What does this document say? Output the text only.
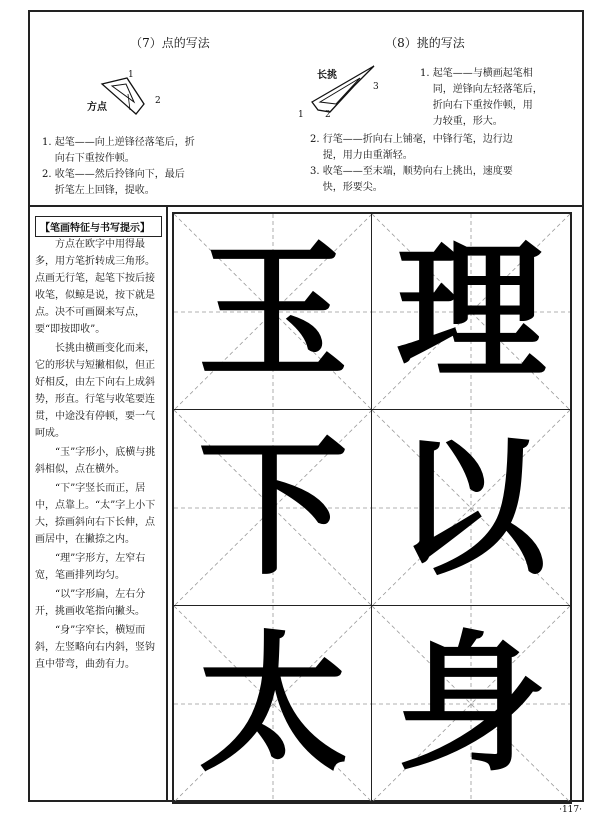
（7）点的写法
1
2
方点
1. 起笔——向上逆锋径落笔后，折
向右下重按作顿。
2. 收笔——然后拎锋向下，最后
折笔左上回锋，提收。
（8）挑的写法
长挑
1 2
3
1. 起笔——与横画起笔相
同，逆锋向左轻落笔后，
折向右下重按作顿，用
力较重，形大。
2. 行笔——折向右上铺毫，中锋行笔，边行边
提，用力由重渐轻。
3. 收笔——至末端，顺势向右上挑出，速度要
快，形要尖。
【笔画特征与书写提示】

方点在欧字中用得最多，用方笔折转成三角形。点画无行笔，起笔下按后接收笔，似鲸是说，按下就是点。决不可画圈来写点，要“即按即收”。

长挑由横画变化而来，它的形状与短撇相似，但正好相反，由左下向右上成斜势，形直。行笔与收笔要连贯，中途没有停顿，要一气呵成。

“玉”字形小，底横与挑斜相似，点在横外。

“下”字竖长而正，居中，点靠上。“太”字上小下大，捺画斜向右下长伸，点画居中，在撇捺之内。

“理”字形方，左窄右宽，笔画排列均匀。

“以”字形扁，左右分开，挑画收笔指向撇头。

“身”字窄长，横短而斜，左竖略向右内斜，竖钩直中带弯，曲劲有力。

玉 理
下 以
太 身
·117·
